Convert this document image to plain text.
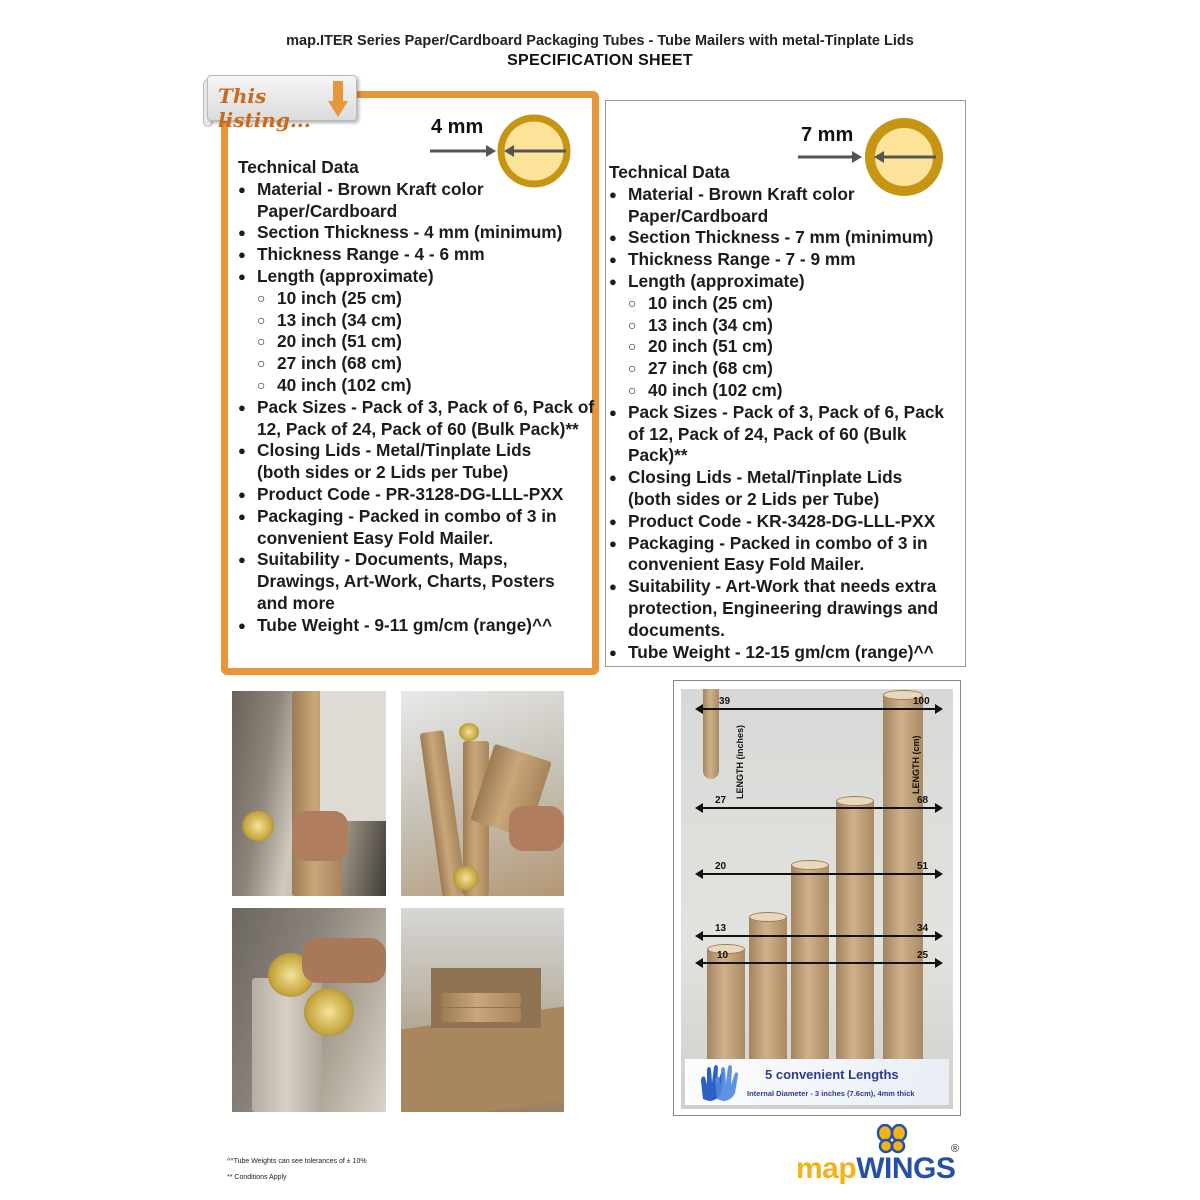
map.ITER Series Paper/Cardboard Packaging Tubes - Tube Mailers with metal-Tinplate Lids
SPECIFICATION SHEET
4 mm
Technical Data
● Material - Brown Kraft color Paper/Cardboard
● Section Thickness - 4 mm (minimum)
● Thickness Range - 4 - 6 mm
● Length (approximate)
○ 10 inch (25 cm)
○ 13 inch (34 cm)
○ 20 inch (51 cm)
○ 27 inch (68 cm)
○ 40 inch (102 cm)
● Pack Sizes - Pack of 3, Pack of 6, Pack of 12, Pack of 24, Pack of 60 (Bulk Pack)**
● Closing Lids - Metal/Tinplate Lids (both sides or 2 Lids per Tube)
● Product Code - PR-3128-DG-LLL-PXX
● Packaging - Packed in combo of 3 in convenient Easy Fold Mailer.
● Suitability - Documents, Maps, Drawings, Art-Work, Charts, Posters and more
● Tube Weight - 9-11 gm/cm (range)^^
This listing...
7 mm
Technical Data
● Material - Brown Kraft color Paper/Cardboard
● Section Thickness - 7 mm (minimum)
● Thickness Range - 7 - 9 mm
● Length (approximate)
○ 10 inch (25 cm)
○ 13 inch (34 cm)
○ 20 inch (51 cm)
○ 27 inch (68 cm)
○ 40 inch (102 cm)
● Pack Sizes - Pack of 3, Pack of 6, Pack of 12, Pack of 24, Pack of 60 (Bulk Pack)**
● Closing Lids - Metal/Tinplate Lids (both sides or 2 Lids per Tube)
● Product Code - KR-3428-DG-LLL-PXX
● Packaging - Packed in combo of 3 in convenient Easy Fold Mailer.
● Suitability - Art-Work that needs extra protection, Engineering drawings and documents.
● Tube Weight - 12-15 gm/cm (range)^^
39
27
20
13
10
100
68
51
34
25
LENGTH (inches)	LENGTH (cm)
5 convenient Lengths
Internal Diameter - 3 inches (7.6cm), 4mm thick
^^Tube Weights can see tolerances of ± 10%
** Conditions Apply	mapWINGS
®
